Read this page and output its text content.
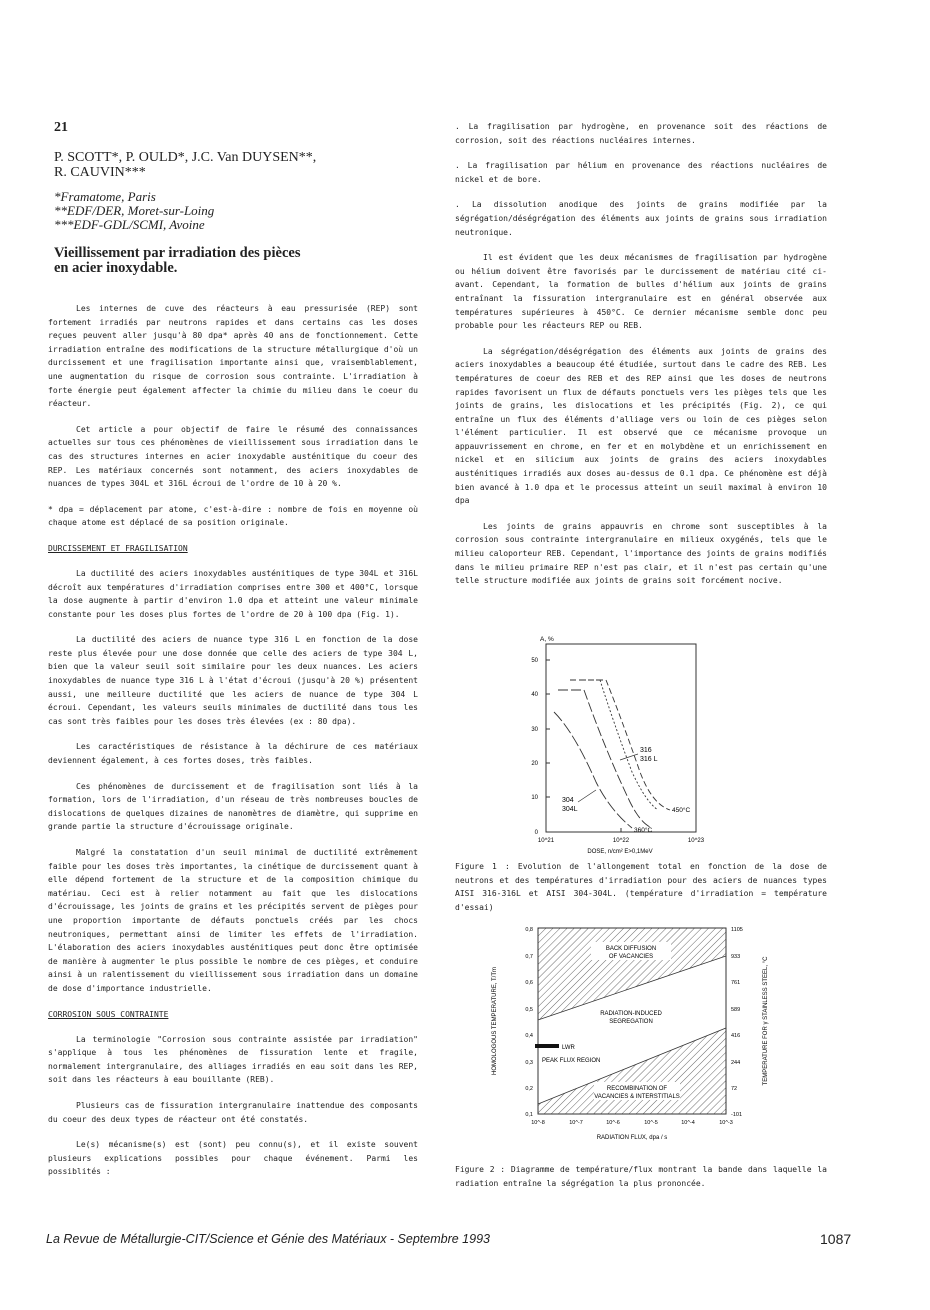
21
P. SCOTT*, P. OULD*, J.C. Van DUYSEN**,
R. CAUVIN***
*Framatome, Paris
**EDF/DER, Moret-sur-Loing
***EDF-GDL/SCMI, Avoine
Vieillissement par irradiation des pièces
en acier inoxydable.

Les internes de cuve des réacteurs à eau pressurisée (REP) sont fortement irradiés par neutrons rapides et dans certains cas les doses reçues peuvent aller jusqu'à 80 dpa* après 40 ans de fonctionnement. Cette irradiation entraîne des modifications de la structure métallurgique d'où un durcissement et une fragilisation importante ainsi que, vraisemblablement, une augmentation du risque de corrosion sous contrainte. L'irradiation à forte énergie peut également affecter la chimie du milieu dans le coeur du réacteur.

Cet article a pour objectif de faire le résumé des connaissances actuelles sur tous ces phénomènes de vieillissement sous irradiation dans le cas des structures internes en acier inoxydable austénitique du coeur des REP. Les matériaux concernés sont notamment, des aciers inoxydables de nuances de types 304L et 316L écroui de l'ordre de 10 à 20 %.

* dpa = déplacement par atome, c'est-à-dire : nombre de fois en moyenne où chaque atome est déplacé de sa position originale.

DURCISSEMENT ET FRAGILISATION

La ductilité des aciers inoxydables austénitiques de type 304L et 316L décroît aux températures d'irradiation comprises entre 300 et 400°C, lorsque la dose augmente à partir d'environ 1.0 dpa et atteint une valeur minimale constante pour les doses plus fortes de l'ordre de 20 à 100 dpa (Fig. 1).

La ductilité des aciers de nuance type 316 L en fonction de la dose reste plus élevée pour une dose donnée que celle des aciers de type 304 L, bien que la valeur seuil soit similaire pour les deux nuances. Les aciers inoxydables de nuance type 316 L à l'état d'écroui (jusqu'à 20 %) présentent aussi, une meilleure ductilité que les aciers de nuance de type 304 L écroui. Cependant, les valeurs seuils minimales de ductilité dans tous les cas sont très faibles pour les doses très élevées (ex : 80 dpa).

Les caractéristiques de résistance à la déchirure de ces matériaux deviennent également, à ces fortes doses, très faibles.

Ces phénomènes de durcissement et de fragilisation sont liés à la formation, lors de l'irradiation, d'un réseau de très nombreuses boucles de dislocations de quelques dizaines de nanomètres de diamètre, qui supprime en grande partie la structure d'écrouissage originale.

Malgré la constatation d'un seuil minimal de ductilité extrêmement faible pour les doses très importantes, la cinétique de durcissement quant à elle dépend fortement de la structure et de la composition chimique du matériau. Ceci est à relier notamment au fait que les dislocations d'écrouissage, les joints de grains et les précipités servent de pièges pour une proportion importante de défauts ponctuels créés par les chocs neutroniques, permettant ainsi de limiter les effets de l'irradiation. L'élaboration des aciers inoxydables austénitiques peut donc être optimisée de manière à augmenter le plus possible le nombre de ces pièges, et conduire ainsi à un ralentissement du vieillissement sous irradiation dans un domaine de dose d'importance industrielle.

CORROSION SOUS CONTRAINTE

La terminologie "Corrosion sous contrainte assistée par irradiation" s'applique à tous les phénomènes de fissuration lente et fragile, normalement intergranulaire, des alliages irradiés en eau soit dans les REP, soit dans les réacteurs à eau bouillante (REB).

Plusieurs cas de fissuration intergranulaire inattendue des composants du coeur des deux types de réacteur ont été constatés.

Le(s) mécanisme(s) est (sont) peu connu(s), et il existe souvent plusieurs explications possibles pour chaque événement. Parmi les possiblités :

. La fragilisation par hydrogène, en provenance soit des réactions de corrosion, soit des réactions nucléaires internes.

. La fragilisation par hélium en provenance des réactions nucléaires de nickel et de bore.

. La dissolution anodique des joints de grains modifiée par la ségrégation/déségrégation des éléments aux joints de grains sous irradiation neutronique.

Il est évident que les deux mécanismes de fragilisation par hydrogène ou hélium doivent être favorisés par le durcissement de matériau cité ci-avant. Cependant, la formation de bulles d'hélium aux joints de grains entraînant la fissuration intergranulaire est en général observée aux températures supérieures à 450°C. Ce dernier mécanisme semble donc peu probable pour les réacteurs REP ou REB.

La ségrégation/déségrégation des éléments aux joints de grains des aciers inoxydables a beaucoup été étudiée, surtout dans le cadre des REB. Les températures de coeur des REB et des REP ainsi que les doses de neutrons rapides favorisent un flux de défauts ponctuels vers les pièges tels que les joints de grains, les dislocations et les précipités (Fig. 2), ce qui entraîne un flux des éléments d'alliage vers ou loin de ces pièges selon l'élément particulier. Il est observé que ce mécanisme provoque un appauvrissement en chrome, en fer et en molybdène et un enrichissement en nickel et en silicium aux joints de grains des aciers inoxydables austénitiques irradiés aux doses au-dessus de 0.1 dpa. Ce phénomène est déjà bien avancé à 1.0 dpa et le processus atteint un seuil maximal à environ 10 dpa

Les joints de grains appauvris en chrome sont susceptibles à la corrosion sous contrainte intergranulaire en milieux oxygénés, tels que le milieu caloporteur REB. Cependant, l'importance des joints de grains modifiés dans le milieu primaire REP n'est pas clair, et il n'est pas certain qu'une telle structure modifiée aux joints de grains soit forcément nocive.

A, %
50
40
30
20
10
0
10^21	10^22	10^23
DOSE, n/cm² E>0,1MeV
316
316 L
304
304L	450°C
360°C

Figure 1 : Evolution de l'allongement total en fonction de la dose de neutrons et des températures d'irradiation pour des aciers de nuances types AISI 316-316L et AISI 304-304L. (température d'irradiation = température d'essai)

BACK DIFFUSION
OF VACANCIES
RADIATION-INDUCED
SEGREGATION
RECOMBINATION OF
VACANCIES & INTERSTITIALS
LWR
PEAK FLUX REGION
0,8
0,7
0,6
0,5
0,4
0,3
0,2
0,1
1105
933
761
589
416
244
72
-101
10^-8	10^-7	10^-6	10^-5	10^-4	10^-3
RADIATION FLUX, dpa / s
HOMOLOGOUS TEMPERATURE, T/Tm	TEMPERATURE FOR γ STAINLESS STEEL, °C

Figure 2 : Diagramme de température/flux montrant la bande dans laquelle la radiation entraîne la ségrégation la plus prononcée.

La Revue de Métallurgie-CIT/Science et Génie des Matériaux - Septembre 1993	1087
